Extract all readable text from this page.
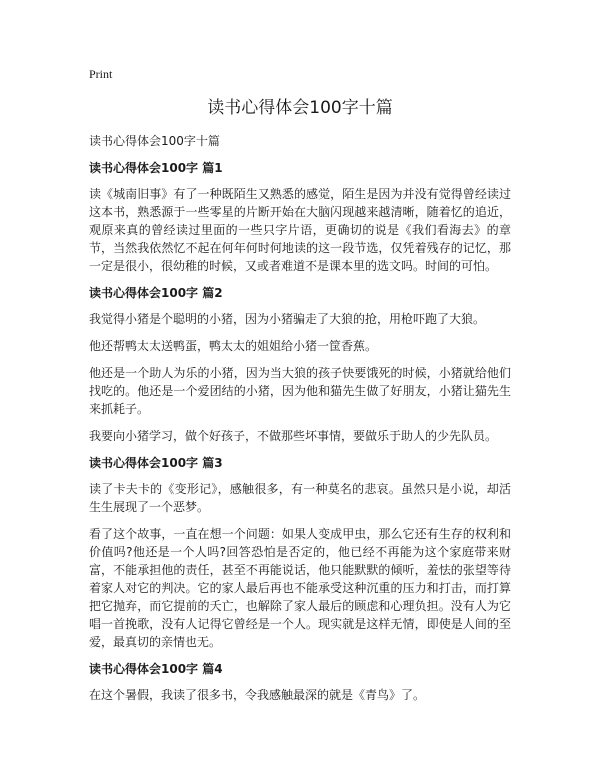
Print
读书心得体会100字十篇

读书心得体会100字十篇

读书心得体会100字 篇1

读《城南旧事》有了一种既陌生又熟悉的感觉，陌生是因为并没有觉得曾经读过这本书，熟悉源于一些零星的片断开始在大脑闪现越来越清晰，随着忆的追近，观原来真的曾经读过里面的一些只字片语，更确切的说是《我们看海去》的章节，当然我依然忆不起在何年何时何地读的这一段节选，仅凭着残存的记忆，那一定是很小，很幼稚的时候，又或者难道不是课本里的选文吗。时间的可怕。

读书心得体会100字 篇2

我觉得小猪是个聪明的小猪，因为小猪骗走了大狼的抢，用枪吓跑了大狼。

他还帮鸭太太送鸭蛋，鸭太太的姐姐给小猪一筐香蕉。

他还是一个助人为乐的小猪，因为当大狼的孩子快要饿死的时候，小猪就给他们找吃的。他还是一个爱团结的小猪，因为他和猫先生做了好朋友，小猪让猫先生来抓耗子。

我要向小猪学习，做个好孩子，不做那些坏事情，要做乐于助人的少先队员。

读书心得体会100字 篇3

读了卡夫卡的《变形记》，感触很多，有一种莫名的悲哀。虽然只是小说，却活生生展现了一个恶梦。

看了这个故事，一直在想一个问题：如果人变成甲虫，那么它还有生存的权利和价值吗?他还是一个人吗?回答恐怕是否定的，他已经不再能为这个家庭带来财富，不能承担他的责任，甚至不再能说话，他只能默默的倾听，羞怯的张望等待着家人对它的判决。它的家人最后再也不能承受这种沉重的压力和打击，而打算把它抛弃，而它提前的夭亡，也解除了家人最后的顾虑和心理负担。没有人为它唱一首挽歌，没有人记得它曾经是一个人。现实就是这样无情，即使是人间的至爱，最真切的亲情也无。

读书心得体会100字 篇4

在这个暑假，我读了很多书，令我感触最深的就是《青鸟》了。
